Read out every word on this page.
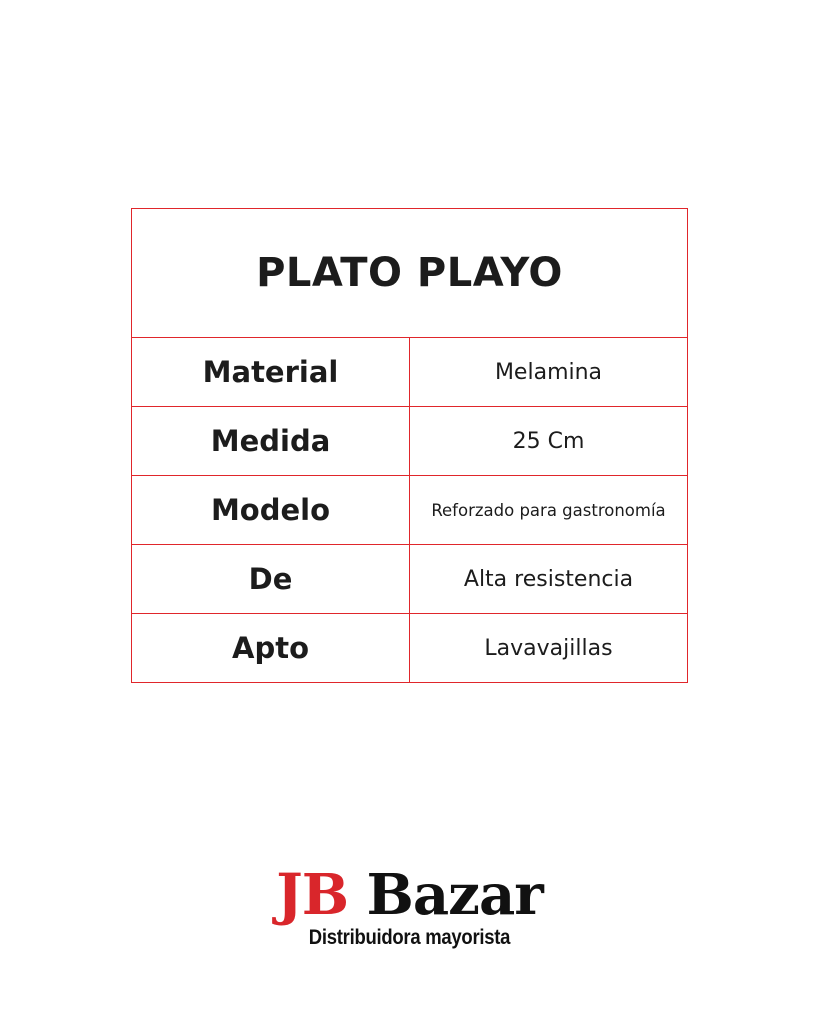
PLATO PLAYO	
Material	Melamina
Medida	25 Cm
Modelo	Reforzado para gastronomía
De	Alta resistencia
Apto	Lavavajillas
JB Bazar
Distribuidora mayorista
